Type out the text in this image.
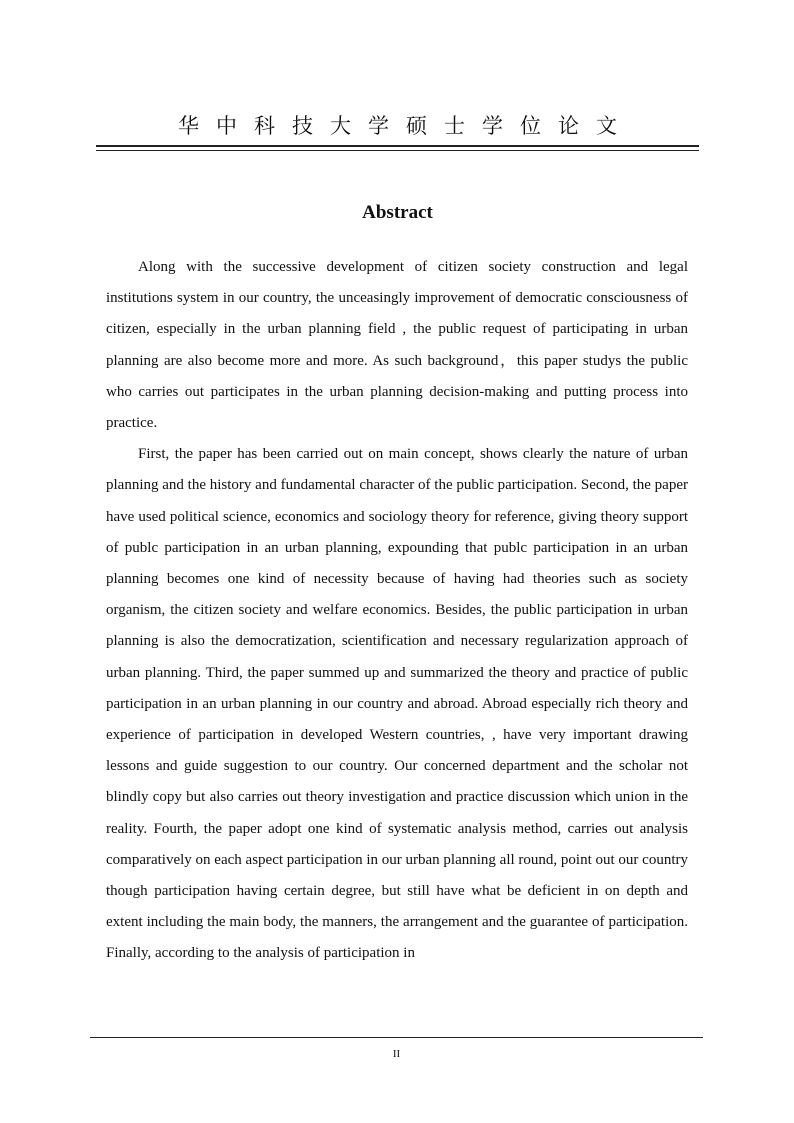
华中科技大学硕士学位论文
Abstract

Along with the successive development of citizen society construction and legal institutions system in our country, the unceasingly improvement of democratic consciousness of citizen, especially in the urban planning field , the public request of participating in urban planning are also become more and more. As such background，this paper studys the public who carries out participates in the urban planning decision-making and putting process into practice.

First, the paper has been carried out on main concept, shows clearly the nature of urban planning and the history and fundamental character of the public participation. Second, the paper have used political science, economics and sociology theory for reference, giving theory support of publc participation in an urban planning, expounding that publc participation in an urban planning becomes one kind of necessity because of having had theories such as society organism, the citizen society and welfare economics. Besides, the public participation in urban planning is also the democratization, scientification and necessary regularization approach of urban planning. Third, the paper summed up and summarized the theory and practice of public participation in an urban planning in our country and abroad. Abroad especially rich theory and experience of participation in developed Western countries, , have very important drawing lessons and guide suggestion to our country. Our concerned department and the scholar not blindly copy but also carries out theory investigation and practice discussion which union in the reality. Fourth, the paper adopt one kind of systematic analysis method, carries out analysis comparatively on each aspect participation in our urban planning all round, point out our country though participation having certain degree, but still have what be deficient in on depth and extent including the main body, the manners, the arrangement and the guarantee of participation. Finally, according to the analysis of participation in

II
